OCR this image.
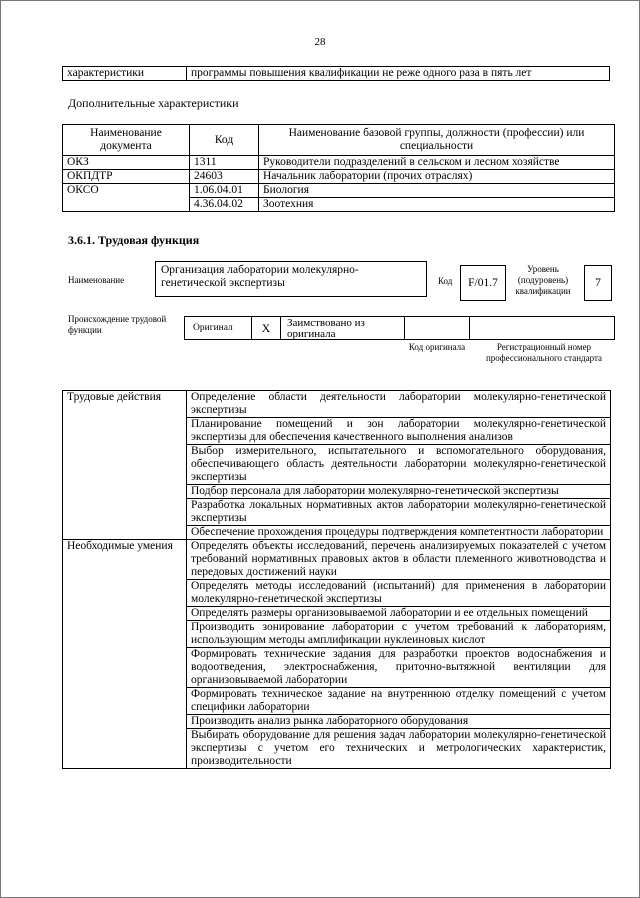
28
характеристики	программы повышения квалификации не реже одного раза в пять лет
Дополнительные характеристики
Наименование документа	Код	Наименование базовой группы, должности (профессии) или специальности
ОКЗ	1311	Руководители подразделений в сельском и лесном хозяйстве
ОКПДТР	24603	Начальник лаборатории (прочих отраслях)
ОКСО	1.06.04.01	Биология
	4.36.04.02	Зоотехния
3.6.1. Трудовая функция
Наименование
Организация лаборатории молекулярно-генетической экспертизы	Код	F/01.7
Уровень (подуровень) квалификации
7
Происхождение трудовой функции	Оригинал	X	Заимствовано из оригинала
Код оригинала	Регистрационный номер профессионального стандарта
Трудовые действия	Определение области деятельности лаборатории молекулярно-генетической экспертизы
	Планирование помещений и зон лаборатории молекулярно-генетической экспертизы для обеспечения качественного выполнения анализов
	Выбор измерительного, испытательного и вспомогательного оборудования, обеспечивающего область деятельности лаборатории молекулярно-генетической экспертизы
	Подбор персонала для лаборатории молекулярно-генетической экспертизы
	Разработка локальных нормативных актов лаборатории молекулярно-генетической экспертизы
	Обеспечение прохождения процедуры подтверждения компетентности лаборатории
Необходимые умения	Определять объекты исследований, перечень анализируемых показателей с учетом требований нормативных правовых актов в области племенного животноводства и передовых достижений науки
	Определять методы исследований (испытаний) для применения в лаборатории молекулярно-генетической экспертизы
	Определять размеры организовываемой лаборатории и ее отдельных помещений
	Производить зонирование лаборатории с учетом требований к лабораториям, использующим методы амплификации нуклеиновых кислот
	Формировать технические задания для разработки проектов водоснабжения и водоотведения, электроснабжения, приточно-вытяжной вентиляции для организовываемой лаборатории
	Формировать техническое задание на внутреннюю отделку помещений с учетом специфики лаборатории
	Производить анализ рынка лабораторного оборудования
	Выбирать оборудование для решения задач лаборатории молекулярно-генетической экспертизы с учетом его технических и метрологических характеристик, производительности
